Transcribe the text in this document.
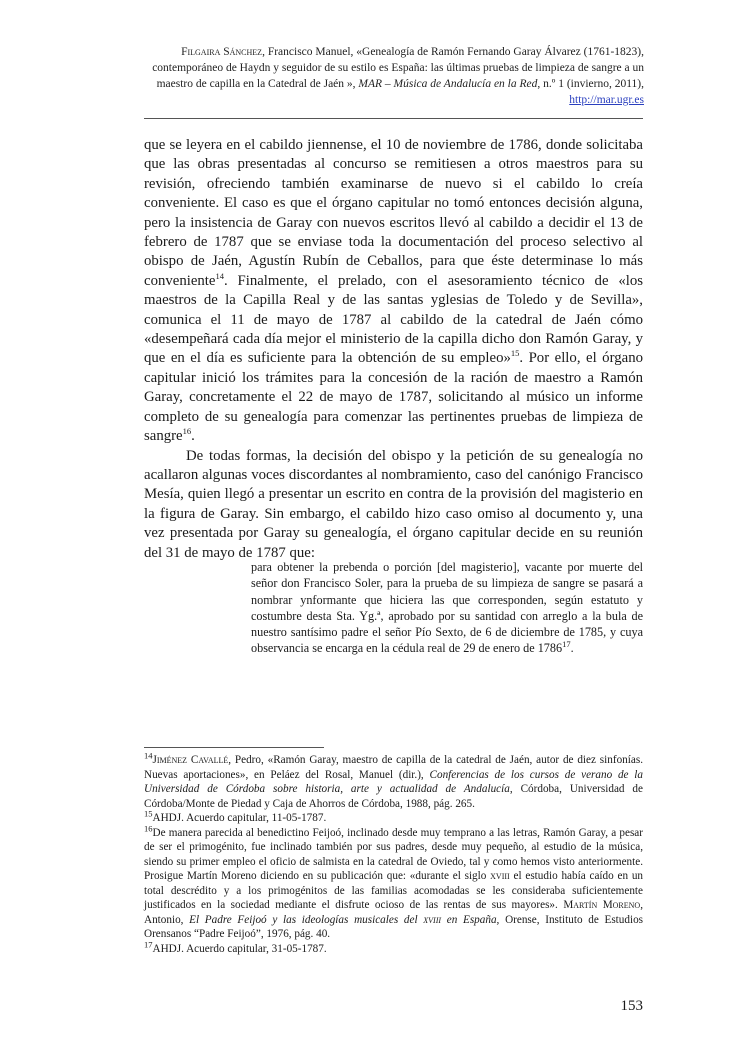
Filgaira Sánchez, Francisco Manuel, «Genealogía de Ramón Fernando Garay Álvarez (1761-1823), contemporáneo de Haydn y seguidor de su estilo es España: las últimas pruebas de limpieza de sangre a un maestro de capilla en la Catedral de Jaén », MAR – Música de Andalucía en la Red, n.º 1 (invierno, 2011), http://mar.ugr.es

que se leyera en el cabildo jiennense, el 10 de noviembre de 1786, donde solicitaba que las obras presentadas al concurso se remitiesen a otros maestros para su revisión, ofreciendo también examinarse de nuevo si el cabildo lo creía conveniente. El caso es que el órgano capitular no tomó entonces decisión alguna, pero la insistencia de Garay con nuevos escritos llevó al cabildo a decidir el 13 de febrero de 1787 que se enviase toda la documentación del proceso selectivo al obispo de Jaén, Agustín Rubín de Ceballos, para que éste determinase lo más conveniente$^{14}$. Finalmente, el prelado, con el asesoramiento técnico de «los maestros de la Capilla Real y de las santas yglesias de Toledo y de Sevilla», comunica el 11 de mayo de 1787 al cabildo de la catedral de Jaén cómo «desempeñará cada día mejor el ministerio de la capilla dicho don Ramón Garay, y que en el día es suficiente para la obtención de su empleo»$^{15}$. Por ello, el órgano capitular inició los trámites para la concesión de la ración de maestro a Ramón Garay, concretamente el 22 de mayo de 1787, solicitando al músico un informe completo de su genealogía para comenzar las pertinentes pruebas de limpieza de sangre$^{16}$.

De todas formas, la decisión del obispo y la petición de su genealogía no acallaron algunas voces discordantes al nombramiento, caso del canónigo Francisco Mesía, quien llegó a presentar un escrito en contra de la provisión del magisterio en la figura de Garay. Sin embargo, el cabildo hizo caso omiso al documento y, una vez presentada por Garay su genealogía, el órgano capitular decide en su reunión del 31 de mayo de 1787 que:

para obtener la prebenda o porción [del magisterio], vacante por muerte del señor don Francisco Soler, para la prueba de su limpieza de sangre se pasará a nombrar ynformante que hiciera las que corresponden, según estatuto y costumbre desta Sta. Yg.ª, aprobado por su santidad con arreglo a la bula de nuestro santísimo padre el señor Pío Sexto, de 6 de diciembre de 1785, y cuya observancia se encarga en la cédula real de 29 de enero de 1786$^{17}$.

$^{14}$Jiménez Cavallé, Pedro, «Ramón Garay, maestro de capilla de la catedral de Jaén, autor de diez sinfonías. Nuevas aportaciones», en Peláez del Rosal, Manuel (dir.), Conferencias de los cursos de verano de la Universidad de Córdoba sobre historia, arte y actualidad de Andalucía, Córdoba, Universidad de Córdoba/Monte de Piedad y Caja de Ahorros de Córdoba, 1988, pág. 265.

$^{15}$AHDJ. Acuerdo capitular, 11-05-1787.

$^{16}$De manera parecida al benedictino Feijoó, inclinado desde muy temprano a las letras, Ramón Garay, a pesar de ser el primogénito, fue inclinado también por sus padres, desde muy pequeño, al estudio de la música, siendo su primer empleo el oficio de salmista en la catedral de Oviedo, tal y como hemos visto anteriormente. Prosigue Martín Moreno diciendo en su publicación que: «durante el siglo xviii el estudio había caído en un total descrédito y a los primogénitos de las familias acomodadas se les consideraba suficientemente justificados en la sociedad mediante el disfrute ocioso de las rentas de sus mayores». Martín Moreno, Antonio, El Padre Feijoó y las ideologías musicales del xviii en España, Orense, Instituto de Estudios Orensanos “Padre Feijoó”, 1976, pág. 40.

$^{17}$AHDJ. Acuerdo capitular, 31-05-1787.

153
